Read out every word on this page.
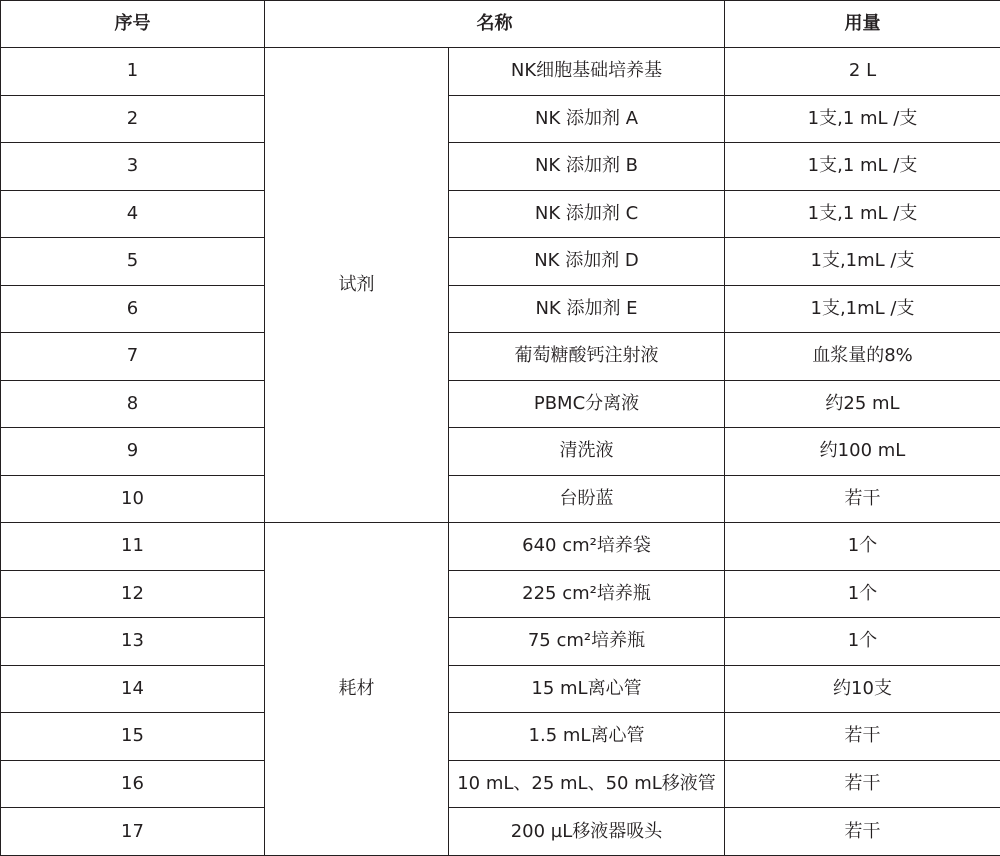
序号	名称		用量
1	试剂	NK细胞基础培养基	2 L
2		NK 添加剂 A	1支,1 mL /支
3		NK 添加剂 B	1支,1 mL /支
4		NK 添加剂 C	1支,1 mL /支
5		NK 添加剂 D	1支,1mL /支
6		NK 添加剂 E	1支,1mL /支
7		葡萄糖酸钙注射液	血浆量的8%
8		PBMC分离液	约25 mL
9		清洗液	约100 mL
10		台盼蓝	若干
11	耗材	640 cm²培养袋	1个
12		225 cm²培养瓶	1个
13		75 cm²培养瓶	1个
14		15 mL离心管	约10支
15		1.5 mL离心管	若干
16		10 mL、25 mL、50 mL移液管	若干
17		200 µL移液器吸头	若干
